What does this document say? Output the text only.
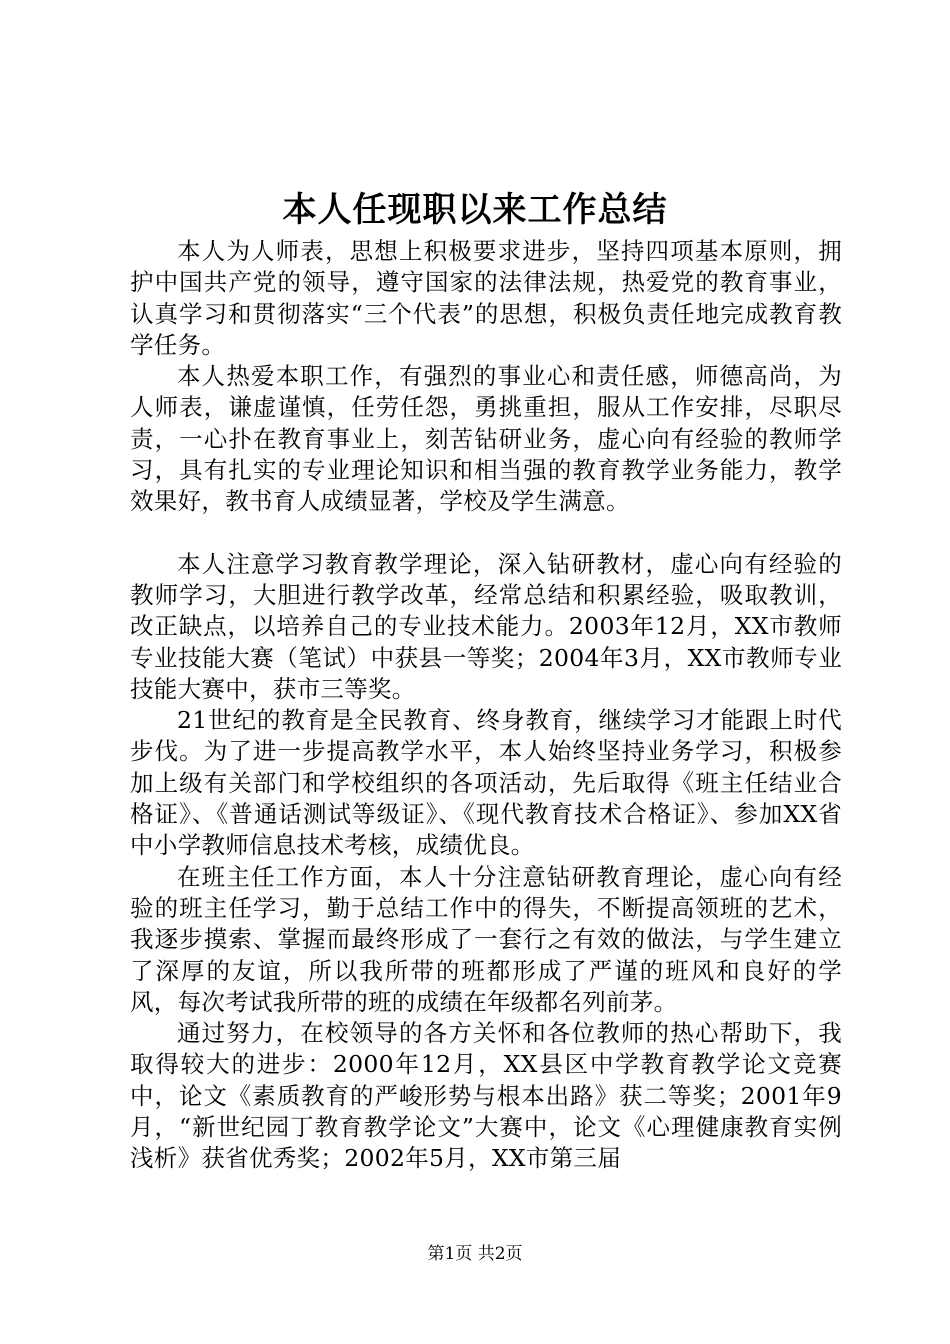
本人任现职以来工作总结

本人为人师表，思想上积极要求进步，坚持四项基本原则，拥护中国共产党的领导，遵守国家的法律法规，热爱党的教育事业，认真学习和贯彻落实“三个代表”的思想，积极负责任地完成教育教学任务。

本人热爱本职工作，有强烈的事业心和责任感，师德高尚，为人师表，谦虚谨慎，任劳任怨，勇挑重担，服从工作安排，尽职尽责，一心扑在教育事业上，刻苦钻研业务，虚心向有经验的教师学习，具有扎实的专业理论知识和相当强的教育教学业务能力，教学效果好，教书育人成绩显著，学校及学生满意。

本人注意学习教育教学理论，深入钻研教材，虚心向有经验的教师学习，大胆进行教学改革，经常总结和积累经验，吸取教训，改正缺点，以培养自己的专业技术能力。2003年12月，XX市教师专业技能大赛（笔试）中获县一等奖；2004年3月，XX市教师专业技能大赛中，获市三等奖。

21世纪的教育是全民教育、终身教育，继续学习才能跟上时代步伐。为了进一步提高教学水平，本人始终坚持业务学习，积极参加上级有关部门和学校组织的各项活动，先后取得《班主任结业合格证》、《普通话测试等级证》、《现代教育技术合格证》、参加XX省中小学教师信息技术考核，成绩优良。

在班主任工作方面，本人十分注意钻研教育理论，虚心向有经验的班主任学习，勤于总结工作中的得失，不断提高领班的艺术，我逐步摸索、掌握而最终形成了一套行之有效的做法，与学生建立了深厚的友谊，所以我所带的班都形成了严谨的班风和良好的学风，每次考试我所带的班的成绩在年级都名列前茅。

通过努力，在校领导的各方关怀和各位教师的热心帮助下，我取得较大的进步：2000年12月，XX县区中学教育教学论文竞赛中，论文《素质教育的严峻形势与根本出路》获二等奖；2001年9月，“新世纪园丁教育教学论文”大赛中，论文《心理健康教育实例浅析》获省优秀奖；2002年5月，XX市第三届

第1页 共2页
